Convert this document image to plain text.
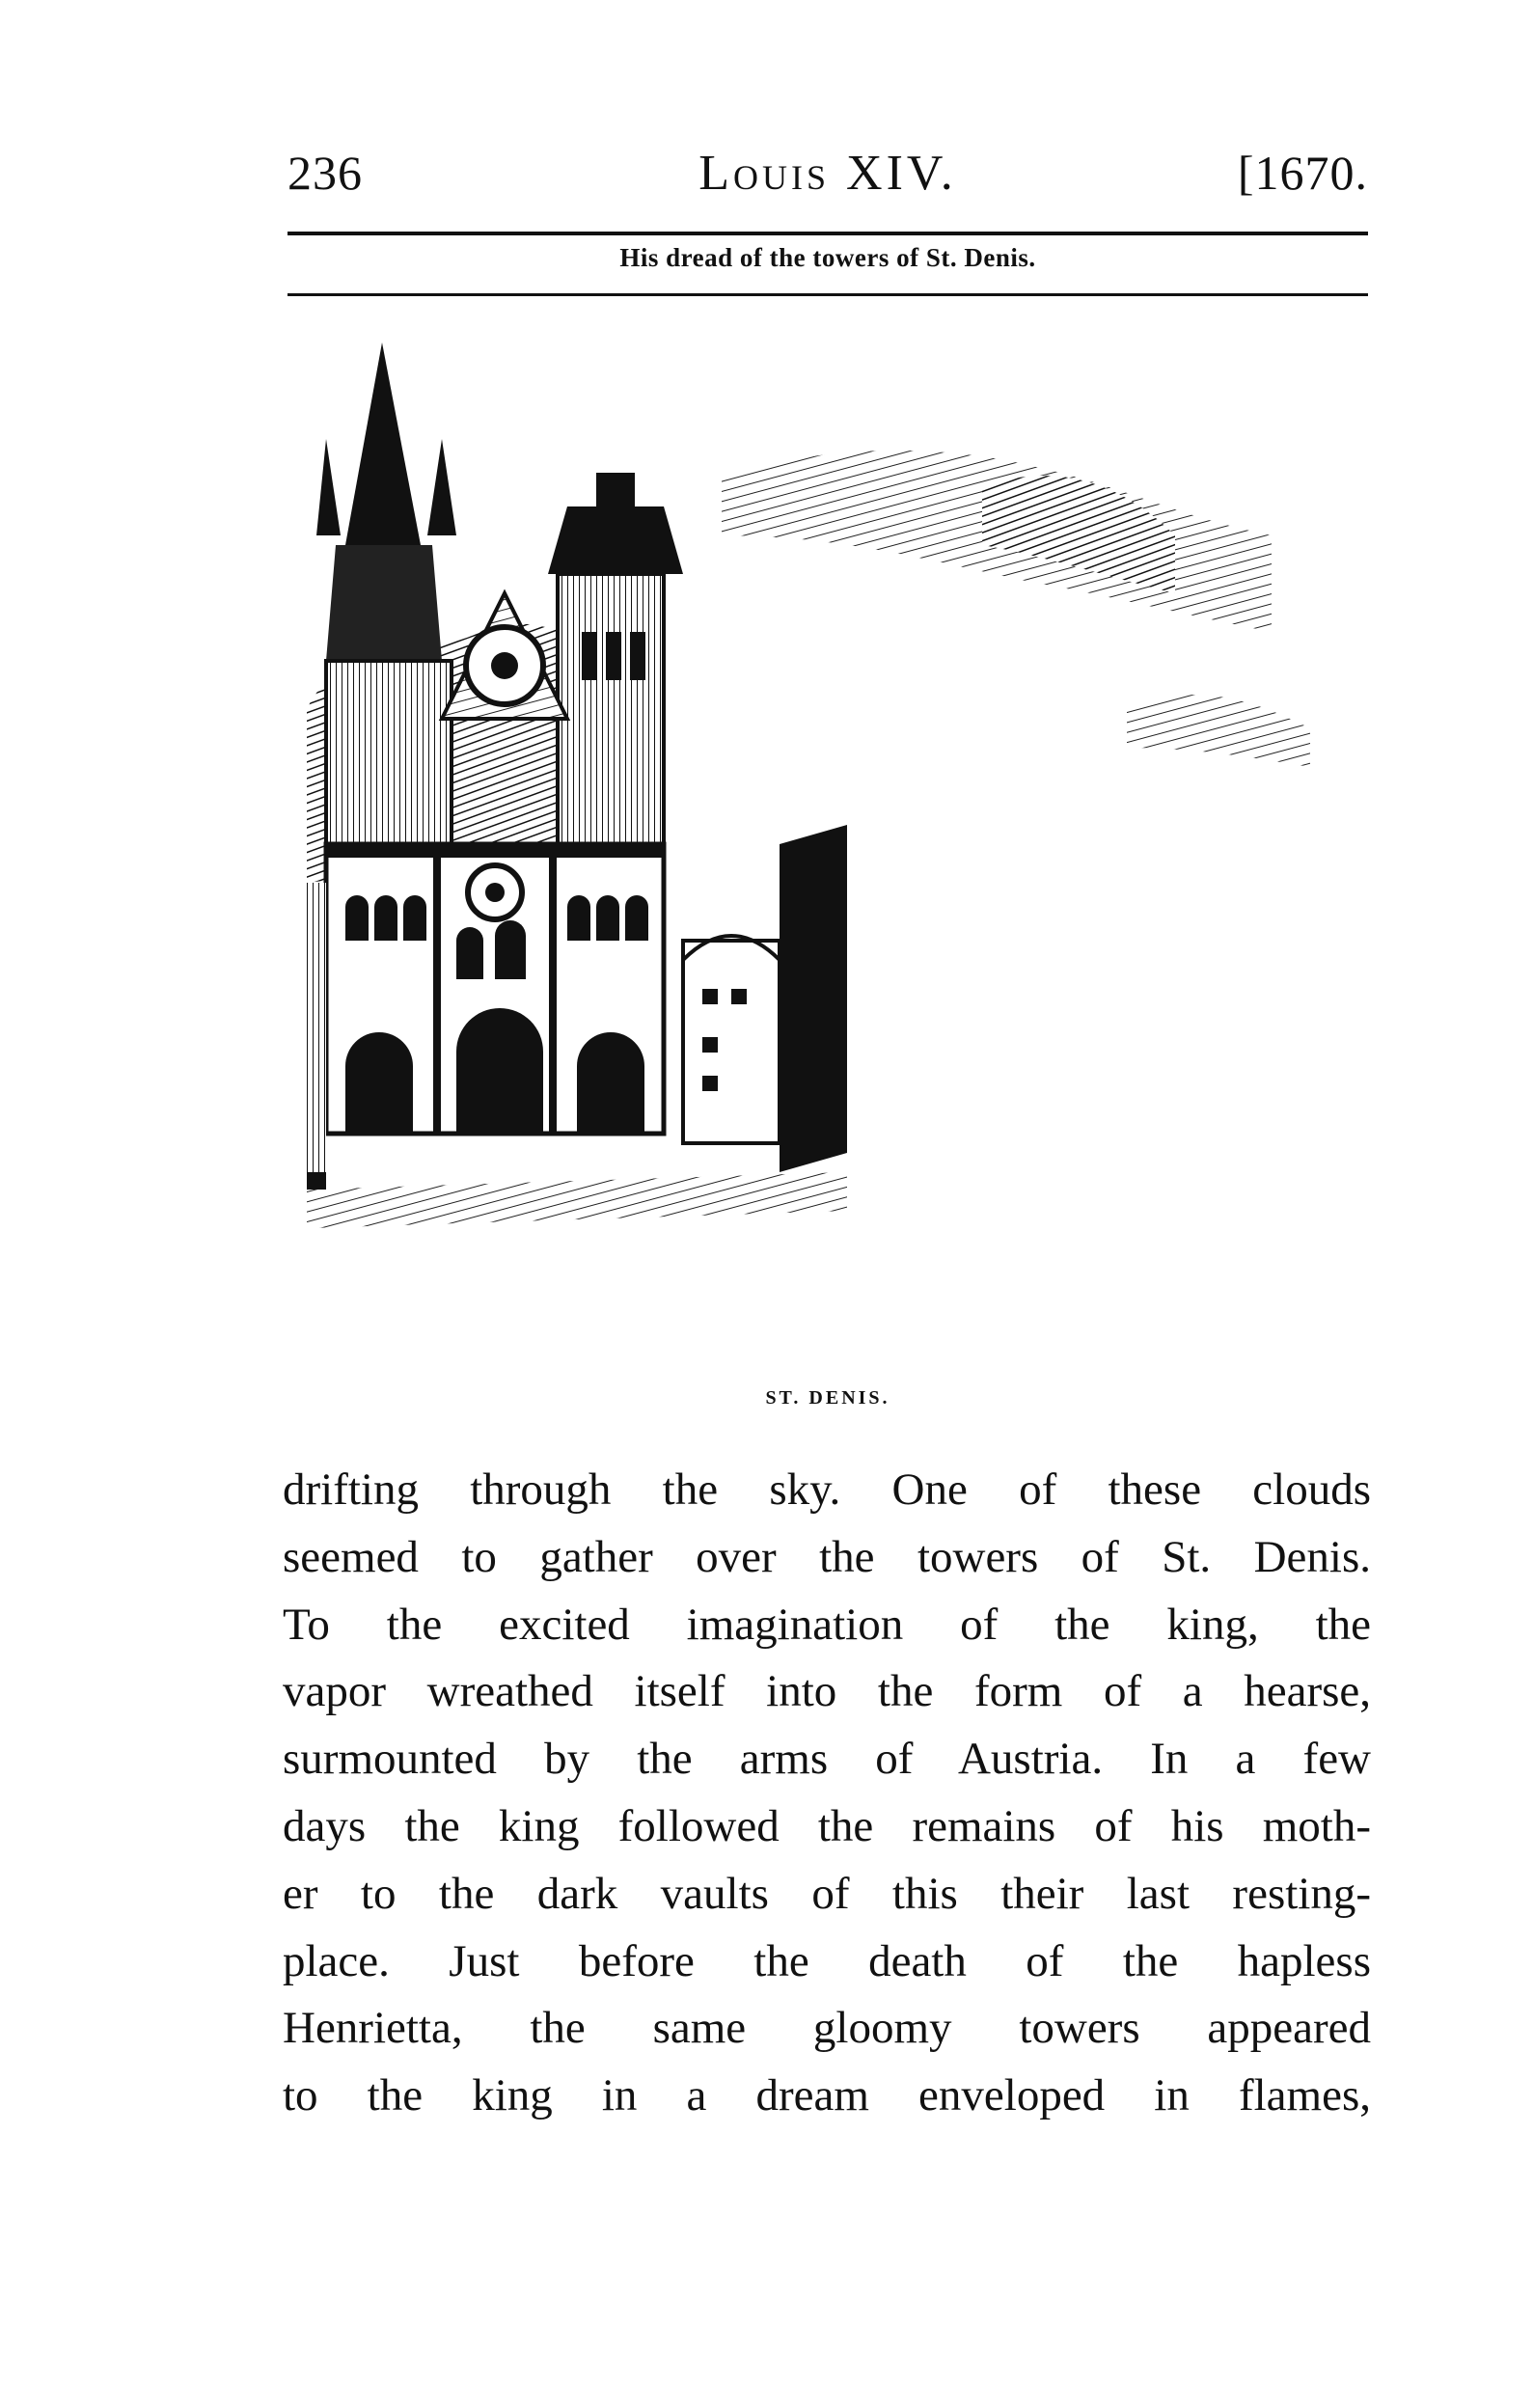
236	Louis XIV.	[1670.
His dread of the towers of St. Denis.
ST. DENIS.
drifting through the sky. One of these clouds
seemed to gather over the towers of St. Denis.
To the excited imagination of the king, the
vapor wreathed itself into the form of a hearse,
surmounted by the arms of Austria. In a few
days the king followed the remains of his moth-
er to the dark vaults of this their last resting-
place. Just before the death of the hapless
Henrietta, the same gloomy towers appeared
to the king in a dream enveloped in flames,
